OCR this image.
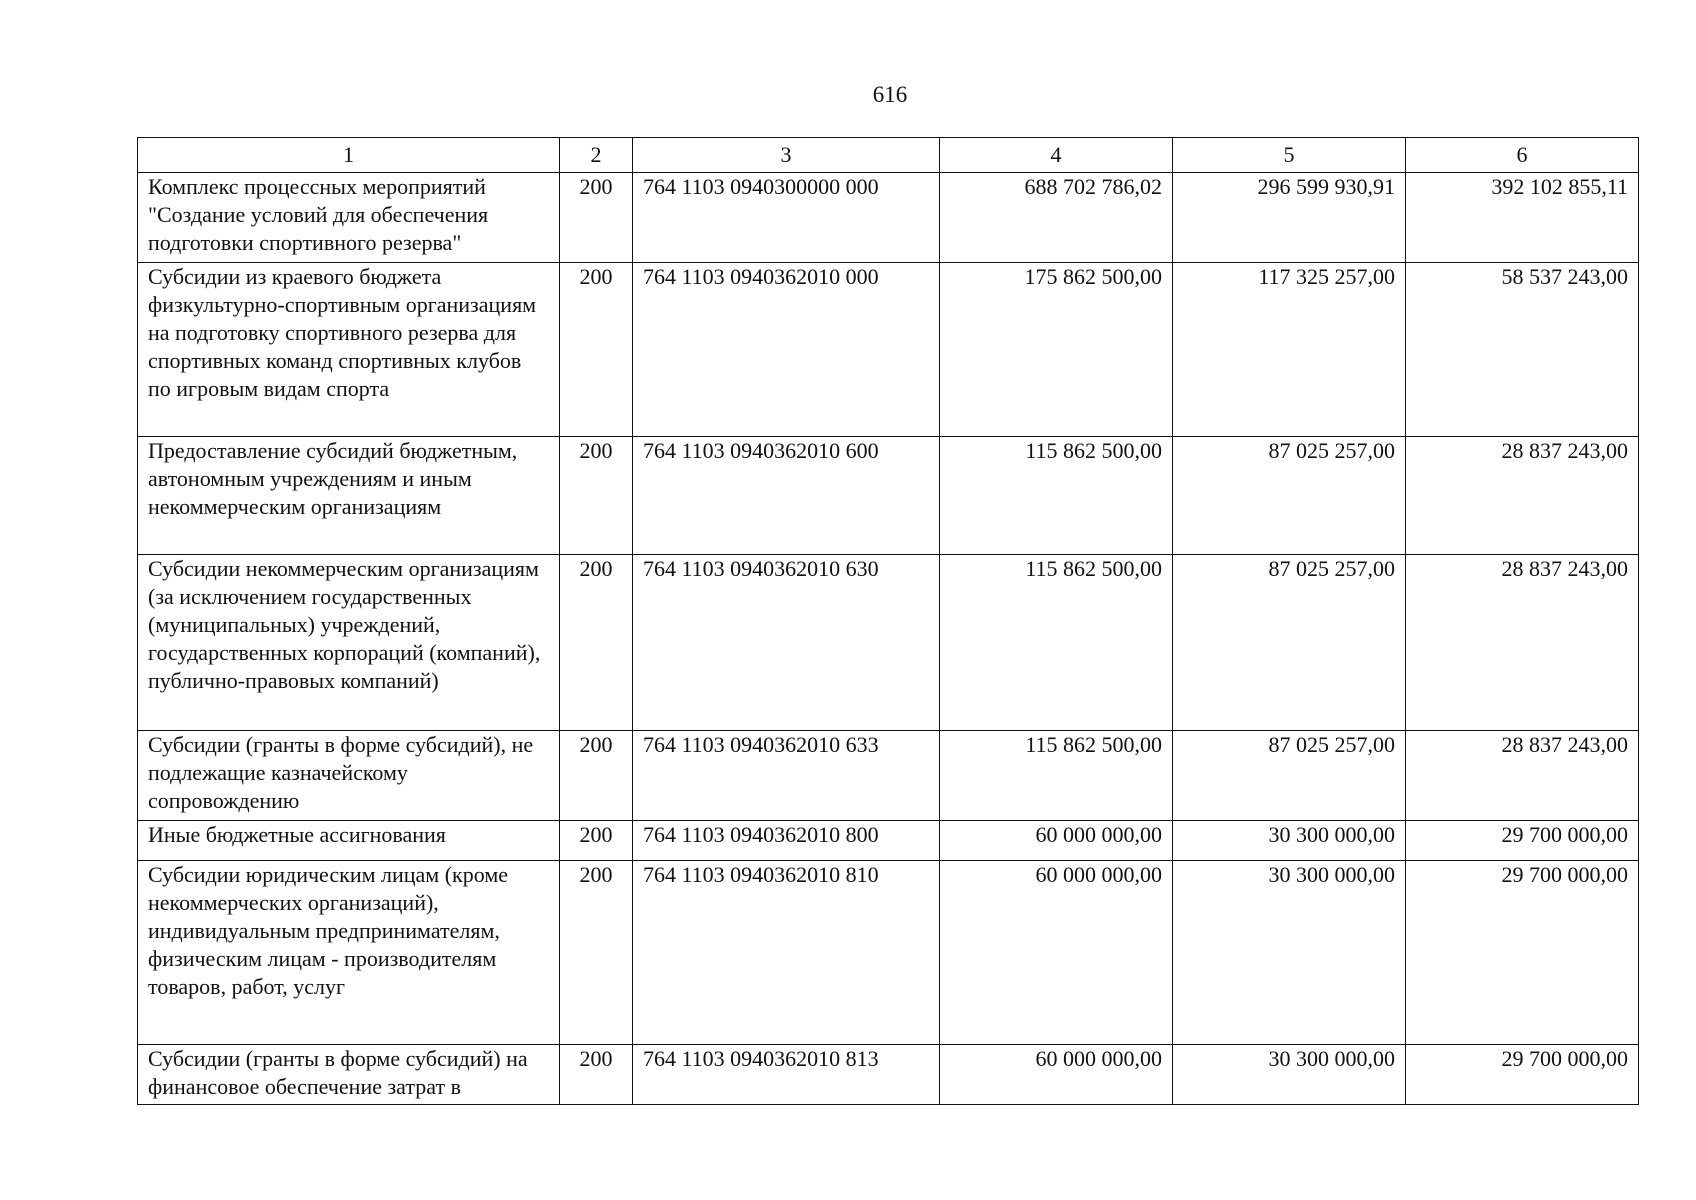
616
1	2	3	4	5	6
Комплекс процессных мероприятий "Создание условий для обеспечения подготовки спортивного резерва"	200	764 1103 0940300000 000	688 702 786,02	296 599 930,91	392 102 855,11
Субсидии из краевого бюджета физкультурно-спортивным организациям на подготовку спортивного резерва для спортивных команд спортивных клубов по игровым видам спорта	200	764 1103 0940362010 000	175 862 500,00	117 325 257,00	58 537 243,00
Предоставление субсидий бюджетным, автономным учреждениям и иным некоммерческим организациям	200	764 1103 0940362010 600	115 862 500,00	87 025 257,00	28 837 243,00
Субсидии некоммерческим организациям (за исключением государственных (муниципальных) учреждений, государственных корпораций (компаний), публично-правовых компаний)	200	764 1103 0940362010 630	115 862 500,00	87 025 257,00	28 837 243,00
Субсидии (гранты в форме субсидий), не подлежащие казначейскому сопровождению	200	764 1103 0940362010 633	115 862 500,00	87 025 257,00	28 837 243,00
Иные бюджетные ассигнования	200	764 1103 0940362010 800	60 000 000,00	30 300 000,00	29 700 000,00
Субсидии юридическим лицам (кроме некоммерческих организаций), индивидуальным предпринимателям, физическим лицам - производителям товаров, работ, услуг	200	764 1103 0940362010 810	60 000 000,00	30 300 000,00	29 700 000,00
Субсидии (гранты в форме субсидий) на финансовое обеспечение затрат в	200	764 1103 0940362010 813	60 000 000,00	30 300 000,00	29 700 000,00
